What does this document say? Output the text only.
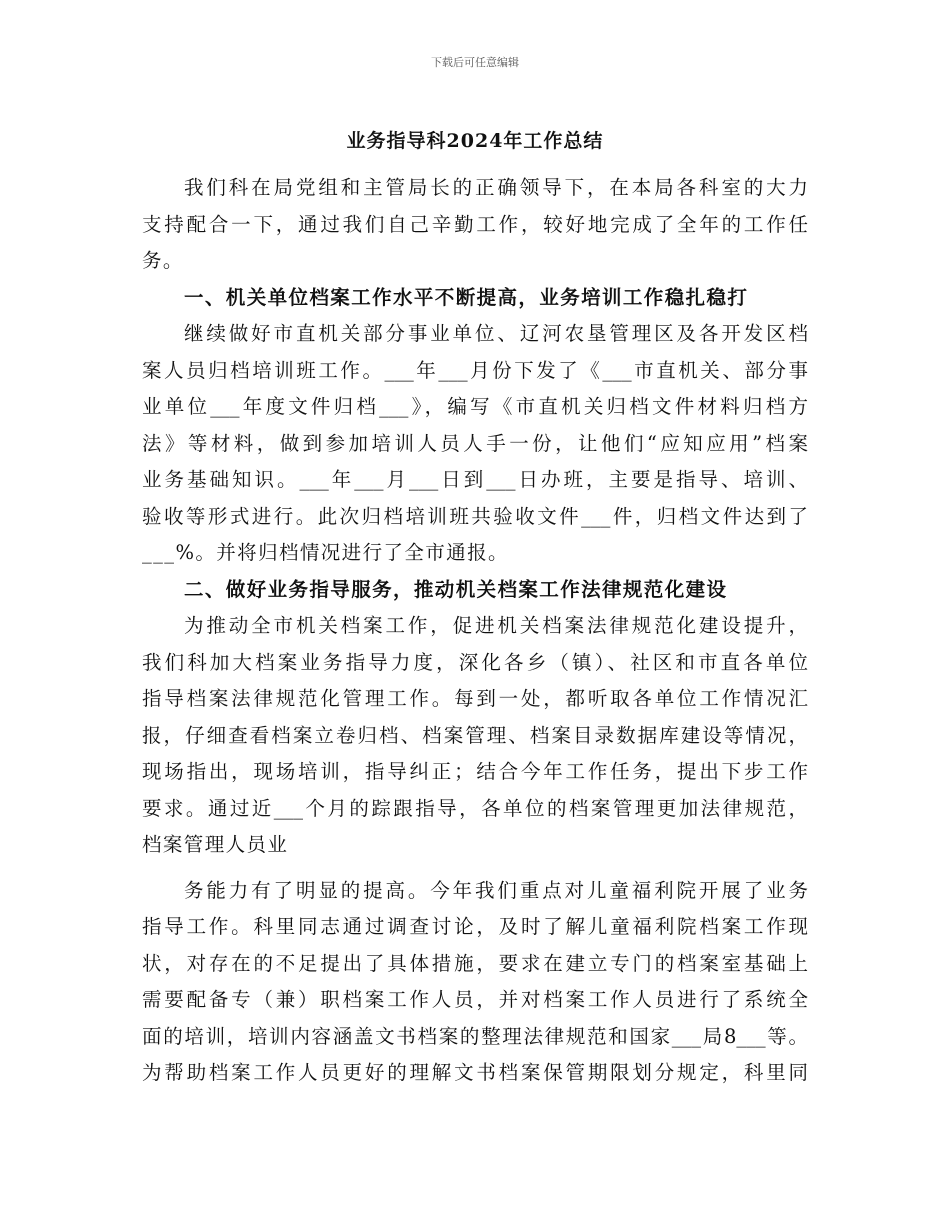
下载后可任意编辑
业务指导科2024年工作总结
我们科在局党组和主管局长的正确领导下，在本局各科室的大力
支持配合一下，通过我们自己辛勤工作，较好地完成了全年的工作任
务。
一、机关单位档案工作水平不断提高，业务培训工作稳扎稳打
继续做好市直机关部分事业单位、辽河农垦管理区及各开发区档
案人员归档培训班工作。___年___月份下发了《___市直机关、部分事
业单位___年度文件归档___》，编写《市直机关归档文件材料归档方
法》等材料，做到参加培训人员人手一份，让他们“应知应用”档案
业务基础知识。___年___月___日到___日办班，主要是指导、培训、
验收等形式进行。此次归档培训班共验收文件___件，归档文件达到了
___%。并将归档情况进行了全市通报。
二、做好业务指导服务，推动机关档案工作法律规范化建设
为推动全市机关档案工作，促进机关档案法律规范化建设提升，
我们科加大档案业务指导力度，深化各乡（镇）、社区和市直各单位
指导档案法律规范化管理工作。每到一处，都听取各单位工作情况汇
报，仔细查看档案立卷归档、档案管理、档案目录数据库建设等情况，
现场指出，现场培训，指导纠正；结合今年工作任务，提出下步工作
要求。通过近___个月的踪跟指导，各单位的档案管理更加法律规范，
档案管理人员业
务能力有了明显的提高。今年我们重点对儿童福利院开展了业务
指导工作。科里同志通过调查讨论，及时了解儿童福利院档案工作现
状，对存在的不足提出了具体措施，要求在建立专门的档案室基础上
需要配备专（兼）职档案工作人员，并对档案工作人员进行了系统全
面的培训，培训内容涵盖文书档案的整理法律规范和国家___局8___等。
为帮助档案工作人员更好的理解文书档案保管期限划分规定，科里同
